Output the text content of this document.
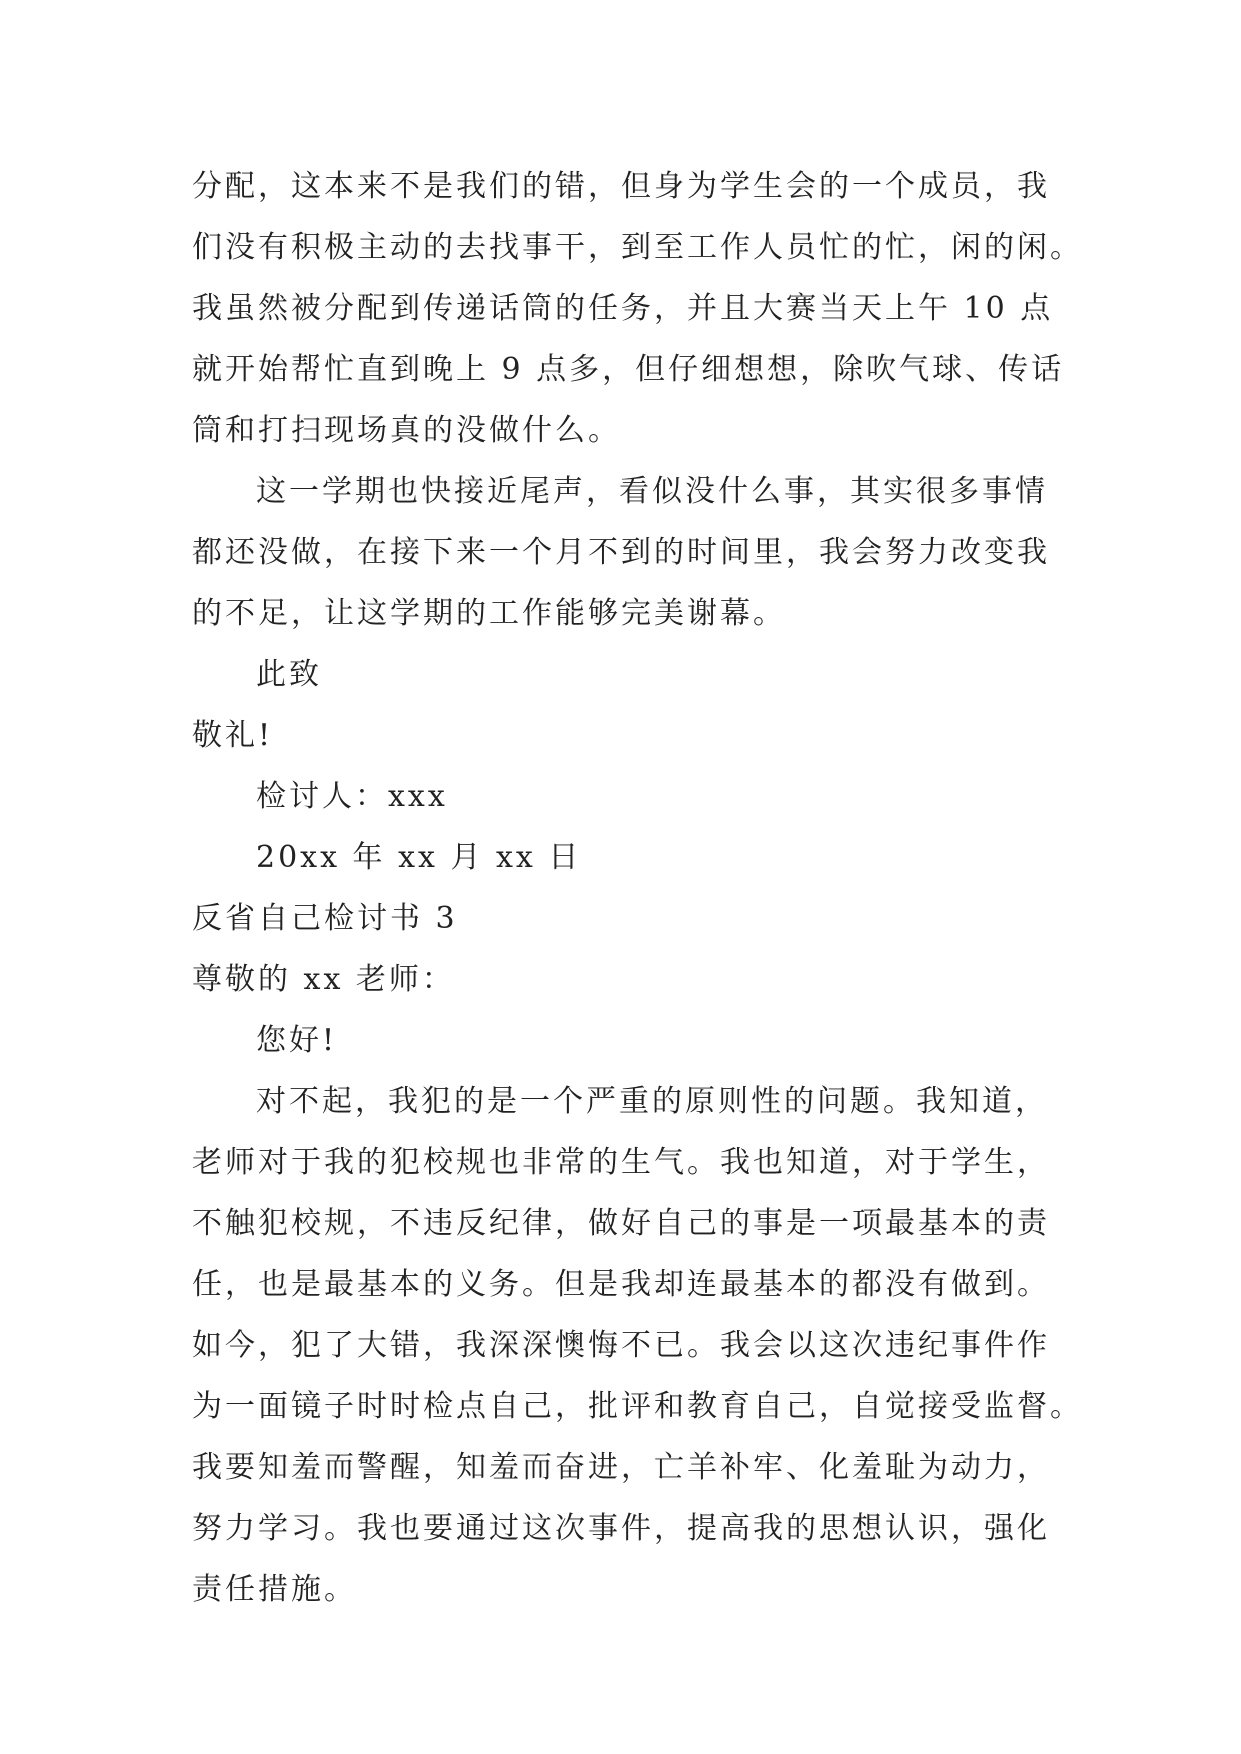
分配，这本来不是我们的错，但身为学生会的一个成员，我
们没有积极主动的去找事干，到至工作人员忙的忙，闲的闲。
我虽然被分配到传递话筒的任务，并且大赛当天上午 10 点
就开始帮忙直到晚上 9 点多，但仔细想想，除吹气球、传话
筒和打扫现场真的没做什么。
这一学期也快接近尾声，看似没什么事，其实很多事情
都还没做，在接下来一个月不到的时间里，我会努力改变我
的不足，让这学期的工作能够完美谢幕。
此致
敬礼!
检讨人：xxx
20xx 年 xx 月 xx 日
反省自己检讨书 3
尊敬的 xx 老师：
您好!
对不起，我犯的是一个严重的原则性的问题。我知道，
老师对于我的犯校规也非常的生气。我也知道，对于学生，
不触犯校规，不违反纪律，做好自己的事是一项最基本的责
任，也是最基本的义务。但是我却连最基本的都没有做到。
如今，犯了大错，我深深懊悔不已。我会以这次违纪事件作
为一面镜子时时检点自己，批评和教育自己，自觉接受监督。
我要知羞而警醒，知羞而奋进，亡羊补牢、化羞耻为动力，
努力学习。我也要通过这次事件，提高我的思想认识，强化
责任措施。
